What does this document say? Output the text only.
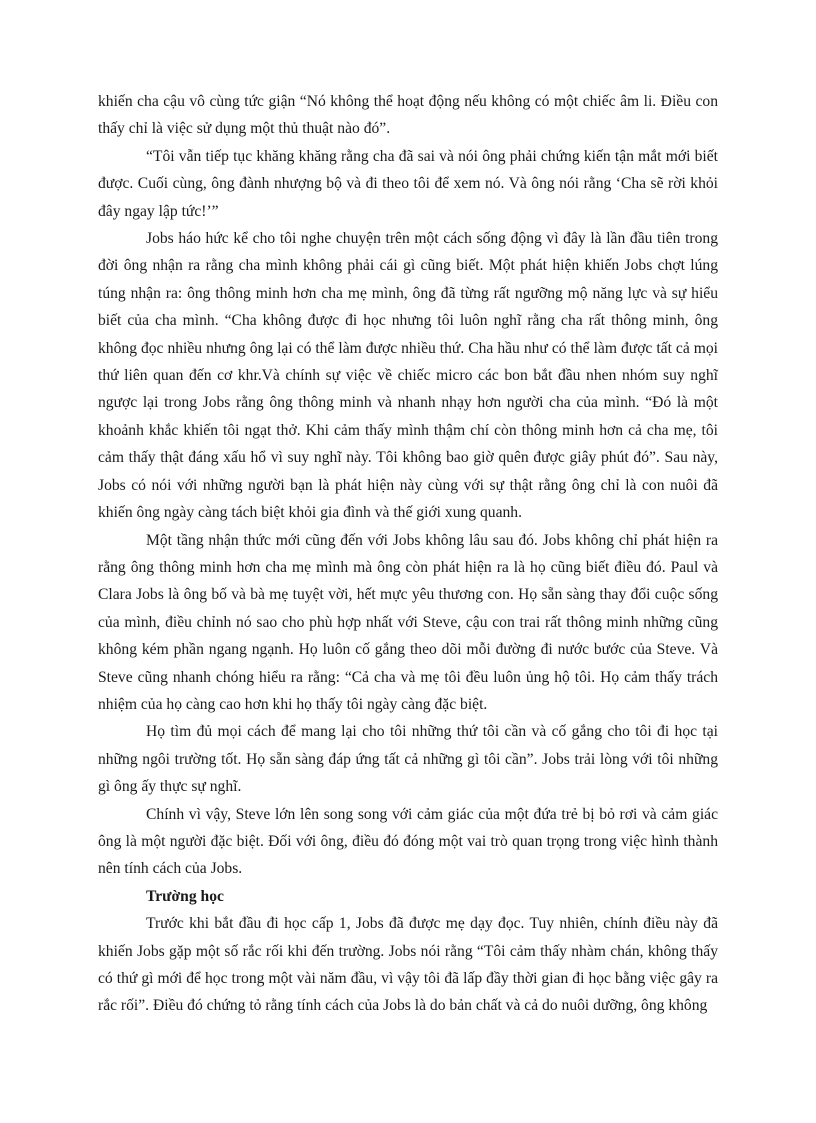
khiến cha cậu vô cùng tức giận “Nó không thể hoạt động nếu không có một chiếc âm li. Điều con thấy chỉ là việc sử dụng một thủ thuật nào đó”.

“Tôi vẫn tiếp tục khăng khăng rằng cha đã sai và nói ông phải chứng kiến tận mắt mới biết được. Cuối cùng, ông đành nhượng bộ và đi theo tôi để xem nó. Và ông nói rằng ‘Cha sẽ rời khỏi đây ngay lập tức!’”

Jobs háo hức kể cho tôi nghe chuyện trên một cách sống động vì đây là lần đầu tiên trong đời ông nhận ra rằng cha mình không phải cái gì cũng biết. Một phát hiện khiến Jobs chợt lúng túng nhận ra: ông thông minh hơn cha mẹ mình, ông đã từng rất ngưỡng mộ năng lực và sự hiểu biết của cha mình. “Cha không được đi học nhưng tôi luôn nghĩ rằng cha rất thông minh, ông không đọc nhiều nhưng ông lại có thể làm được nhiều thứ. Cha hầu như có thể làm được tất cả mọi thứ liên quan đến cơ khr.Và chính sự việc về chiếc micro các bon bắt đầu nhen nhóm suy nghĩ ngược lại trong Jobs rằng ông thông minh và nhanh nhạy hơn người cha của mình. “Đó là một khoảnh khắc khiến tôi ngạt thở. Khi cảm thấy mình thậm chí còn thông minh hơn cả cha mẹ, tôi cảm thấy thật đáng xấu hổ vì suy nghĩ này. Tôi không bao giờ quên được giây phút đó”. Sau này, Jobs có nói với những người bạn là phát hiện này cùng với sự thật rằng ông chỉ là con nuôi đã khiến ông ngày càng tách biệt khỏi gia đình và thế giới xung quanh.

Một tầng nhận thức mới cũng đến với Jobs không lâu sau đó. Jobs không chỉ phát hiện ra rằng ông thông minh hơn cha mẹ mình mà ông còn phát hiện ra là họ cũng biết điều đó. Paul và Clara Jobs là ông bố và bà mẹ tuyệt vời, hết mực yêu thương con. Họ sẵn sàng thay đổi cuộc sống của mình, điều chỉnh nó sao cho phù hợp nhất với Steve, cậu con trai rất thông minh những cũng không kém phần ngang ngạnh. Họ luôn cố gắng theo dõi mỗi đường đi nước bước của Steve. Và Steve cũng nhanh chóng hiểu ra rằng: “Cả cha và mẹ tôi đều luôn ủng hộ tôi. Họ cảm thấy trách nhiệm của họ càng cao hơn khi họ thấy tôi ngày càng đặc biệt.

Họ tìm đủ mọi cách để mang lại cho tôi những thứ tôi cần và cố gắng cho tôi đi học tại những ngôi trường tốt. Họ sẵn sàng đáp ứng tất cả những gì tôi cần”. Jobs trải lòng với tôi những gì ông ấy thực sự nghĩ.

Chính vì vậy, Steve lớn lên song song với cảm giác của một đứa trẻ bị bỏ rơi và cảm giác ông là một người đặc biệt. Đối với ông, điều đó đóng một vai trò quan trọng trong việc hình thành nên tính cách của Jobs.

Trường học

Trước khi bắt đầu đi học cấp 1, Jobs đã được mẹ dạy đọc. Tuy nhiên, chính điều này đã khiến Jobs gặp một số rắc rối khi đến trường. Jobs nói rằng “Tôi cảm thấy nhàm chán, không thấy có thứ gì mới để học trong một vài năm đầu, vì vậy tôi đã lấp đầy thời gian đi học bằng việc gây ra rắc rối”. Điều đó chứng tỏ rằng tính cách của Jobs là do bản chất và cả do nuôi dưỡng, ông không
